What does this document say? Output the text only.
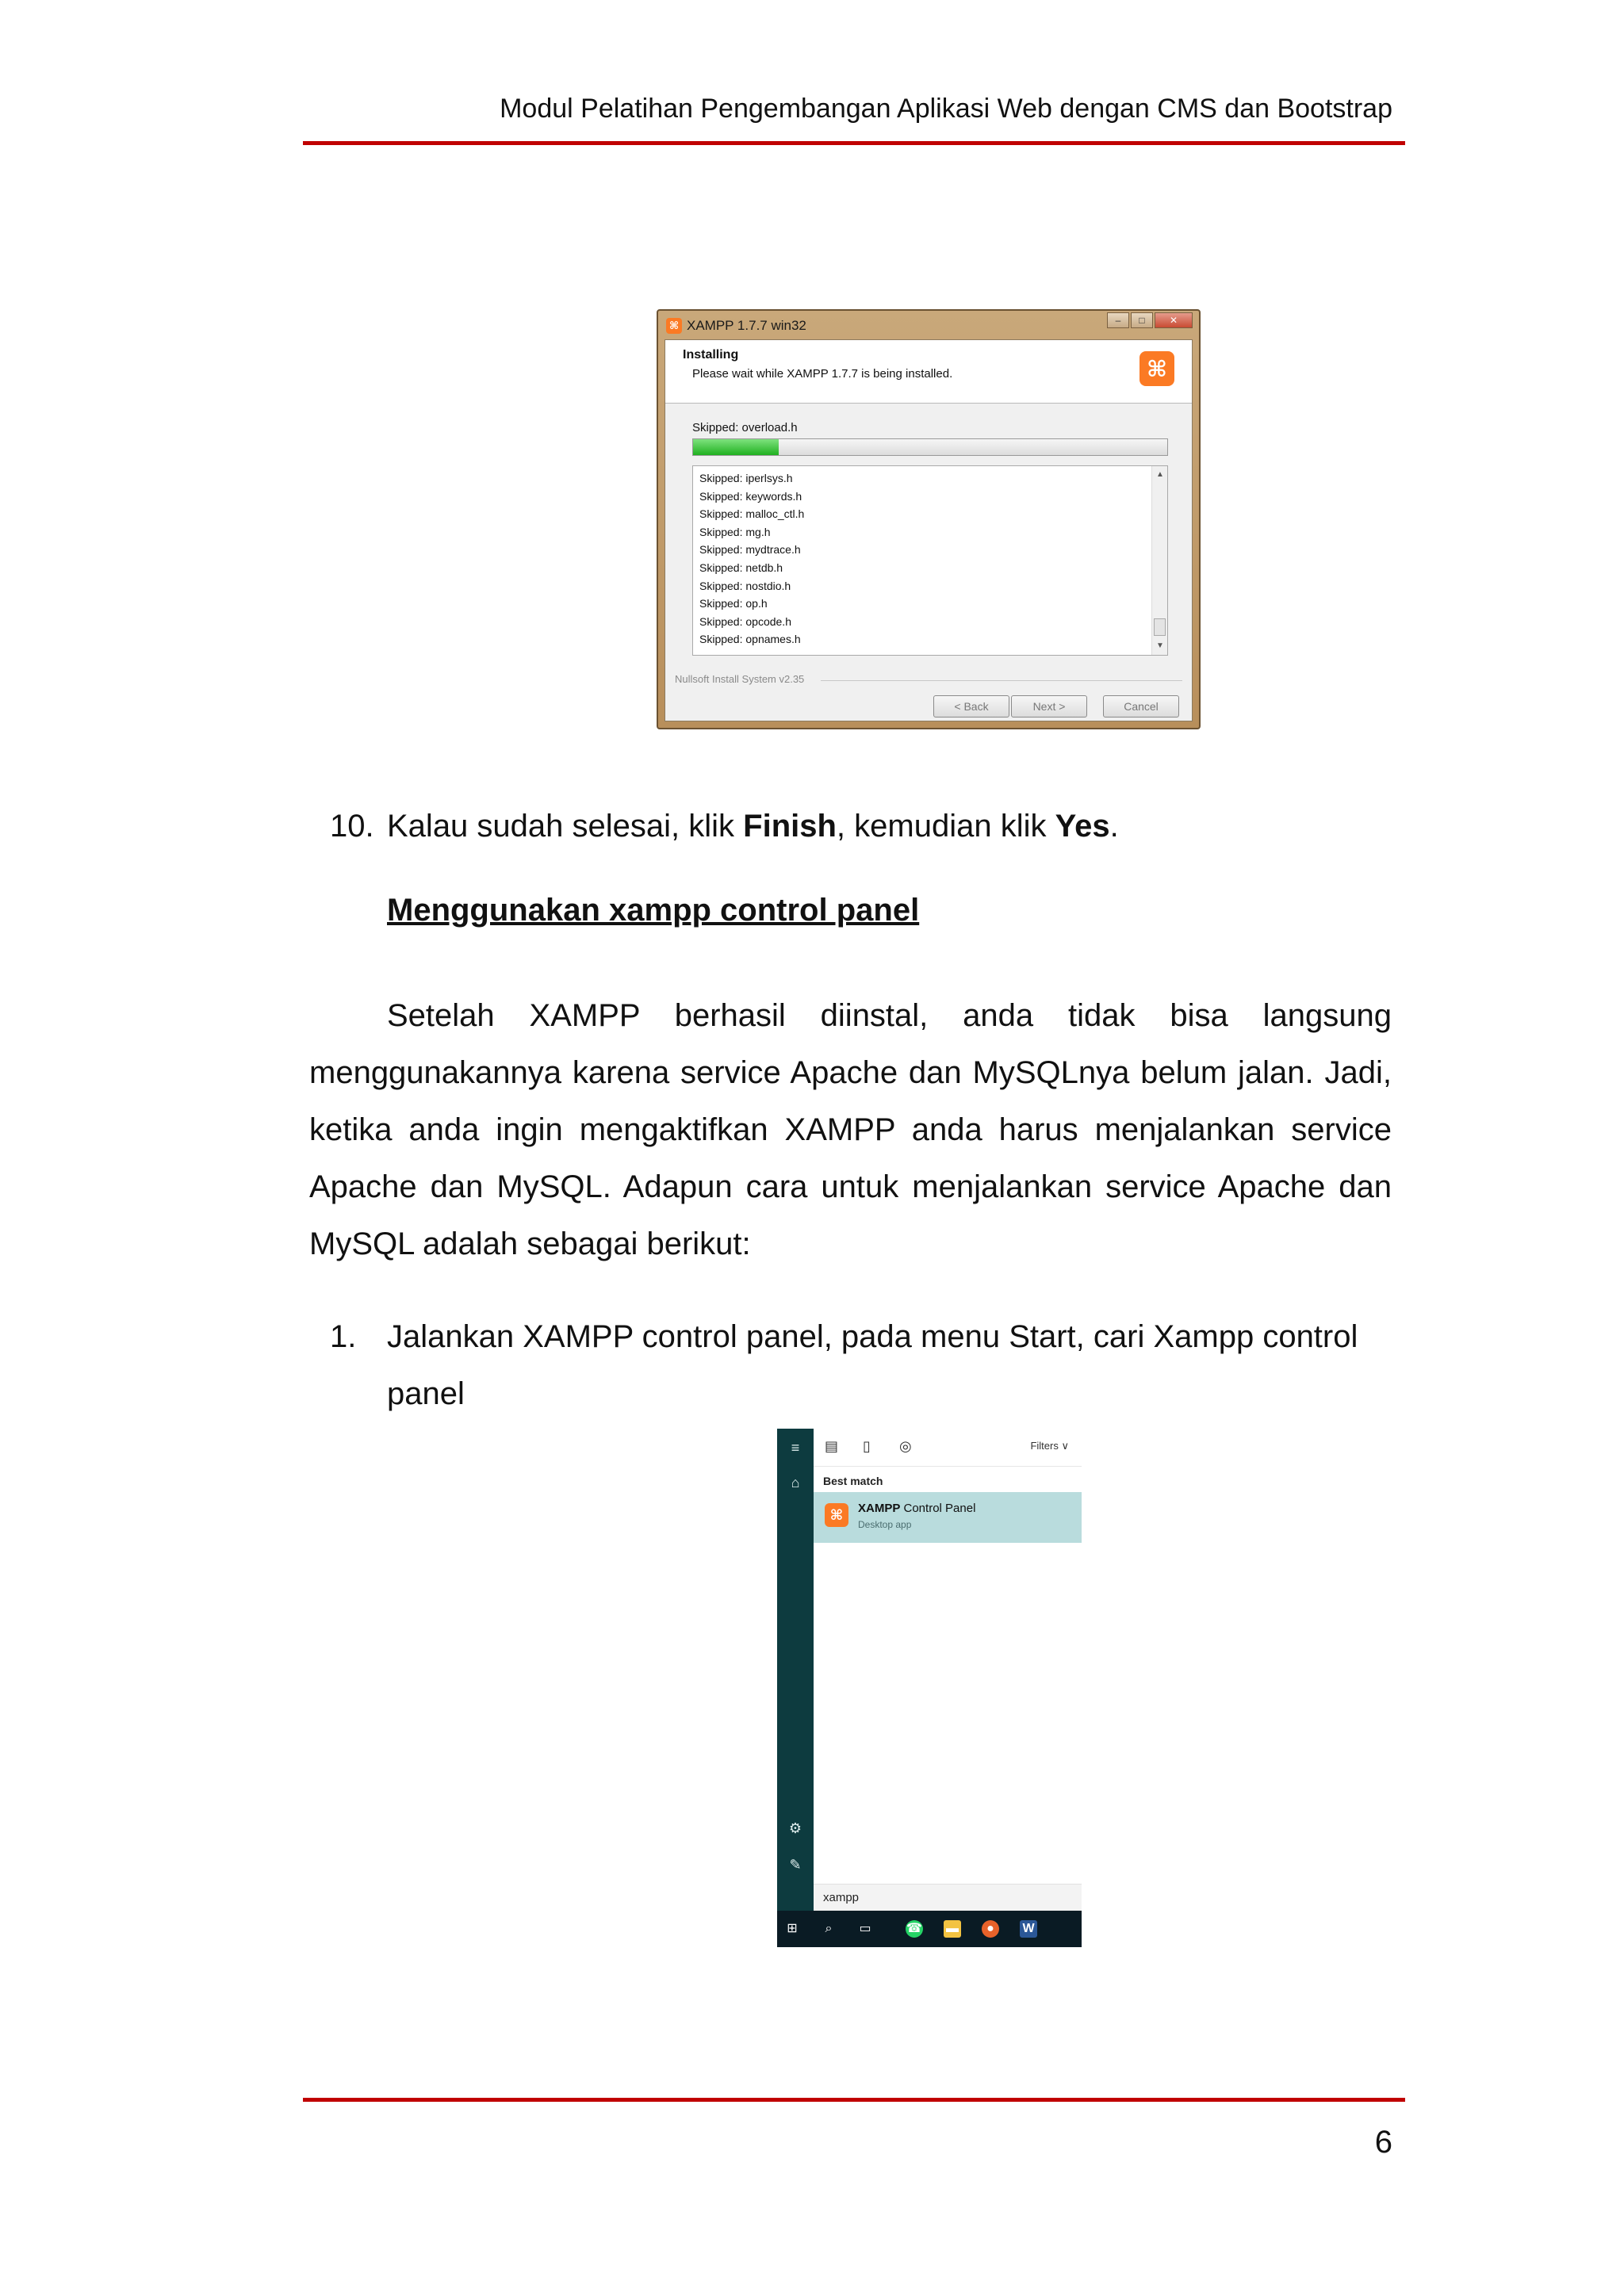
Modul Pelatihan Pengembangan Aplikasi Web dengan CMS dan Bootstrap
⌘ XAMPP 1.7.7 win32	–	□	✕
Installing
Please wait while XAMPP 1.7.7 is being installed.	⌘
Skipped: overload.h
Skipped: iperlsys.h
Skipped: keywords.h
Skipped: malloc_ctl.h
Skipped: mg.h
Skipped: mydtrace.h
Skipped: netdb.h
Skipped: nostdio.h
Skipped: op.h
Skipped: opcode.h
Skipped: opnames.h
▲
▼
Nullsoft Install System v2.35
< Back	Next >	Cancel
10. Kalau sudah selesai, klik Finish, kemudian klik Yes.
Menggunakan xampp control panel
Setelah XAMPP berhasil diinstal, anda tidak bisa langsung menggunakannya karena service Apache dan MySQLnya belum jalan. Jadi, ketika anda ingin mengaktifkan XAMPP anda harus menjalankan service Apache dan MySQL. Adapun cara untuk menjalankan service Apache dan MySQL adalah sebagai berikut:
1. Jalankan XAMPP control panel, pada menu Start, cari Xampp control
panel
≡
⌂
⚙
✎
▤ ▯ ◎	Filters ∨
Best match
⌘	XAMPP Control Panel
Desktop app
xampp
⊞	⌕	▭	☎ ▬	●	W
6
